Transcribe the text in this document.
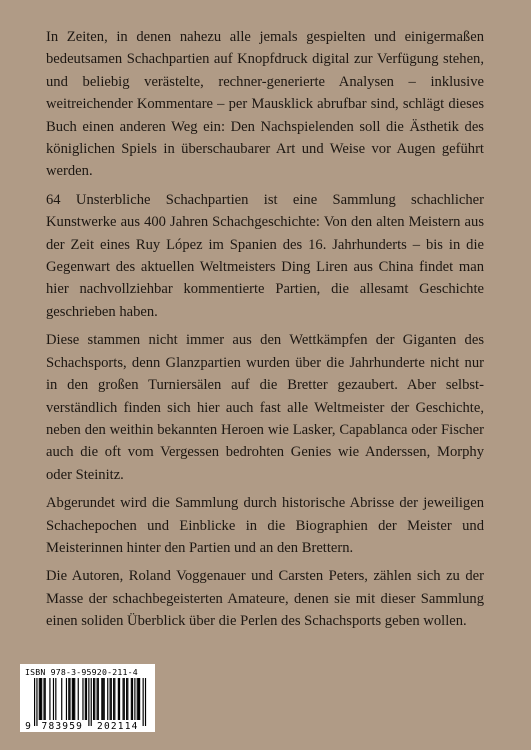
In Zeiten, in denen nahezu alle jemals gespielten und einigermaßen bedeutsamen Schachpartien auf Knopfdruck digital zur Verfügung stehen, und beliebig verästelte, rechner-generierte Analysen – inklusive weitreichender Kommentare – per Mausklick abrufbar sind, schlägt dieses Buch einen anderen Weg ein: Den Nachspielenden soll die Ästhetik des königlichen Spiels in überschaubarer Art und Weise vor Augen geführt werden.

64 Unsterbliche Schachpartien ist eine Sammlung schachlicher Kunstwerke aus 400 Jahren Schachgeschichte: Von den alten Meistern aus der Zeit eines Ruy López im Spanien des 16. Jahrhunderts – bis in die Gegenwart des aktuellen Weltmeisters Ding Liren aus China findet man hier nachvollziehbar kommentierte Partien, die allesamt Geschichte geschrieben haben.

Diese stammen nicht immer aus den Wettkämpfen der Giganten des Schachsports, denn Glanzpartien wurden über die Jahrhunderte nicht nur in den großen Turniersälen auf die Bretter gezaubert. Aber selbstverständlich finden sich hier auch fast alle Weltmeister der Geschichte, neben den weithin bekannten Heroen wie Lasker, Capablanca oder Fischer auch die oft vom Vergessen bedrohten Genies wie Anderssen, Morphy oder Steinitz.

Abgerundet wird die Sammlung durch historische Abrisse der jeweiligen Schachepochen und Einblicke in die Biographien der Meister und Meisterinnen hinter den Partien und an den Brettern.

Die Autoren, Roland Voggenauer und Carsten Peters, zählen sich zu der Masse der schachbegeisterten Amateure, denen sie mit dieser Sammlung einen soliden Überblick über die Perlen des Schachsports geben wollen.

ISBN 978-3-95920-211-4
9 783959 202114
